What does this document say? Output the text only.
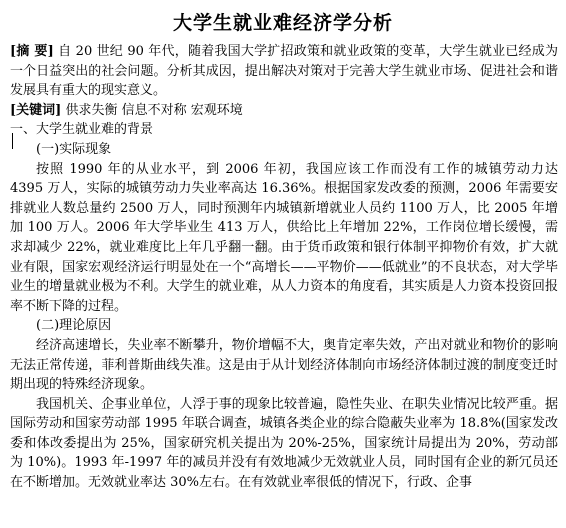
大学生就业难经济学分析

[摘 要] 自 20 世纪 90 年代，随着我国大学扩招政策和就业政策的变革，大学生就业已经成为一个日益突出的社会问题。分析其成因，提出解决对策对于完善大学生就业市场、促进社会和谐发展具有重大的现实意义。

[关键词] 供求失衡 信息不对称 宏观环境

一、大学生就业难的背景

(一)实际现象

按照 1990 年的从业水平，到 2006 年初，我国应该工作而没有工作的城镇劳动力达 4395 万人，实际的城镇劳动力失业率高达 16.36%。根据国家发改委的预测，2006 年需要安排就业人数总量约 2500 万人，同时预测年内城镇新增就业人员约 1100 万人，比 2005 年增加 100 万人。2006 年大学毕业生 413 万人，供给比上年增加 22%，工作岗位增长缓慢，需求却减少 22%，就业难度比上年几乎翻一翻。由于货币政策和银行体制平抑物价有效，扩大就业有限，国家宏观经济运行明显处在一个“高增长——平物价——低就业”的不良状态，对大学毕业生的增量就业极为不利。大学生的就业难，从人力资本的角度看，其实质是人力资本投资回报率不断下降的过程。

(二)理论原因

经济高速增长，失业率不断攀升，物价增幅不大，奥肯定率失效，产出对就业和物价的影响无法正常传递，菲利普斯曲线失准。这是由于从计划经济体制向市场经济体制过渡的制度变迁时期出现的特殊经济现象。

我国机关、企事业单位，人浮于事的现象比较普遍，隐性失业、在职失业情况比较严重。据国际劳动和国家劳动部 1995 年联合调查，城镇各类企业的综合隐蔽失业率为 18.8%(国家发改委和体改委提出为 25%，国家研究机关提出为 20%-25%，国家统计局提出为 20%，劳动部为 10%)。1993 年-1997 年的减员并没有有效地减少无效就业人员，同时国有企业的新冗员还在不断增加。无效就业率达 30%左右。在有效就业率很低的情况下，行政、企事
